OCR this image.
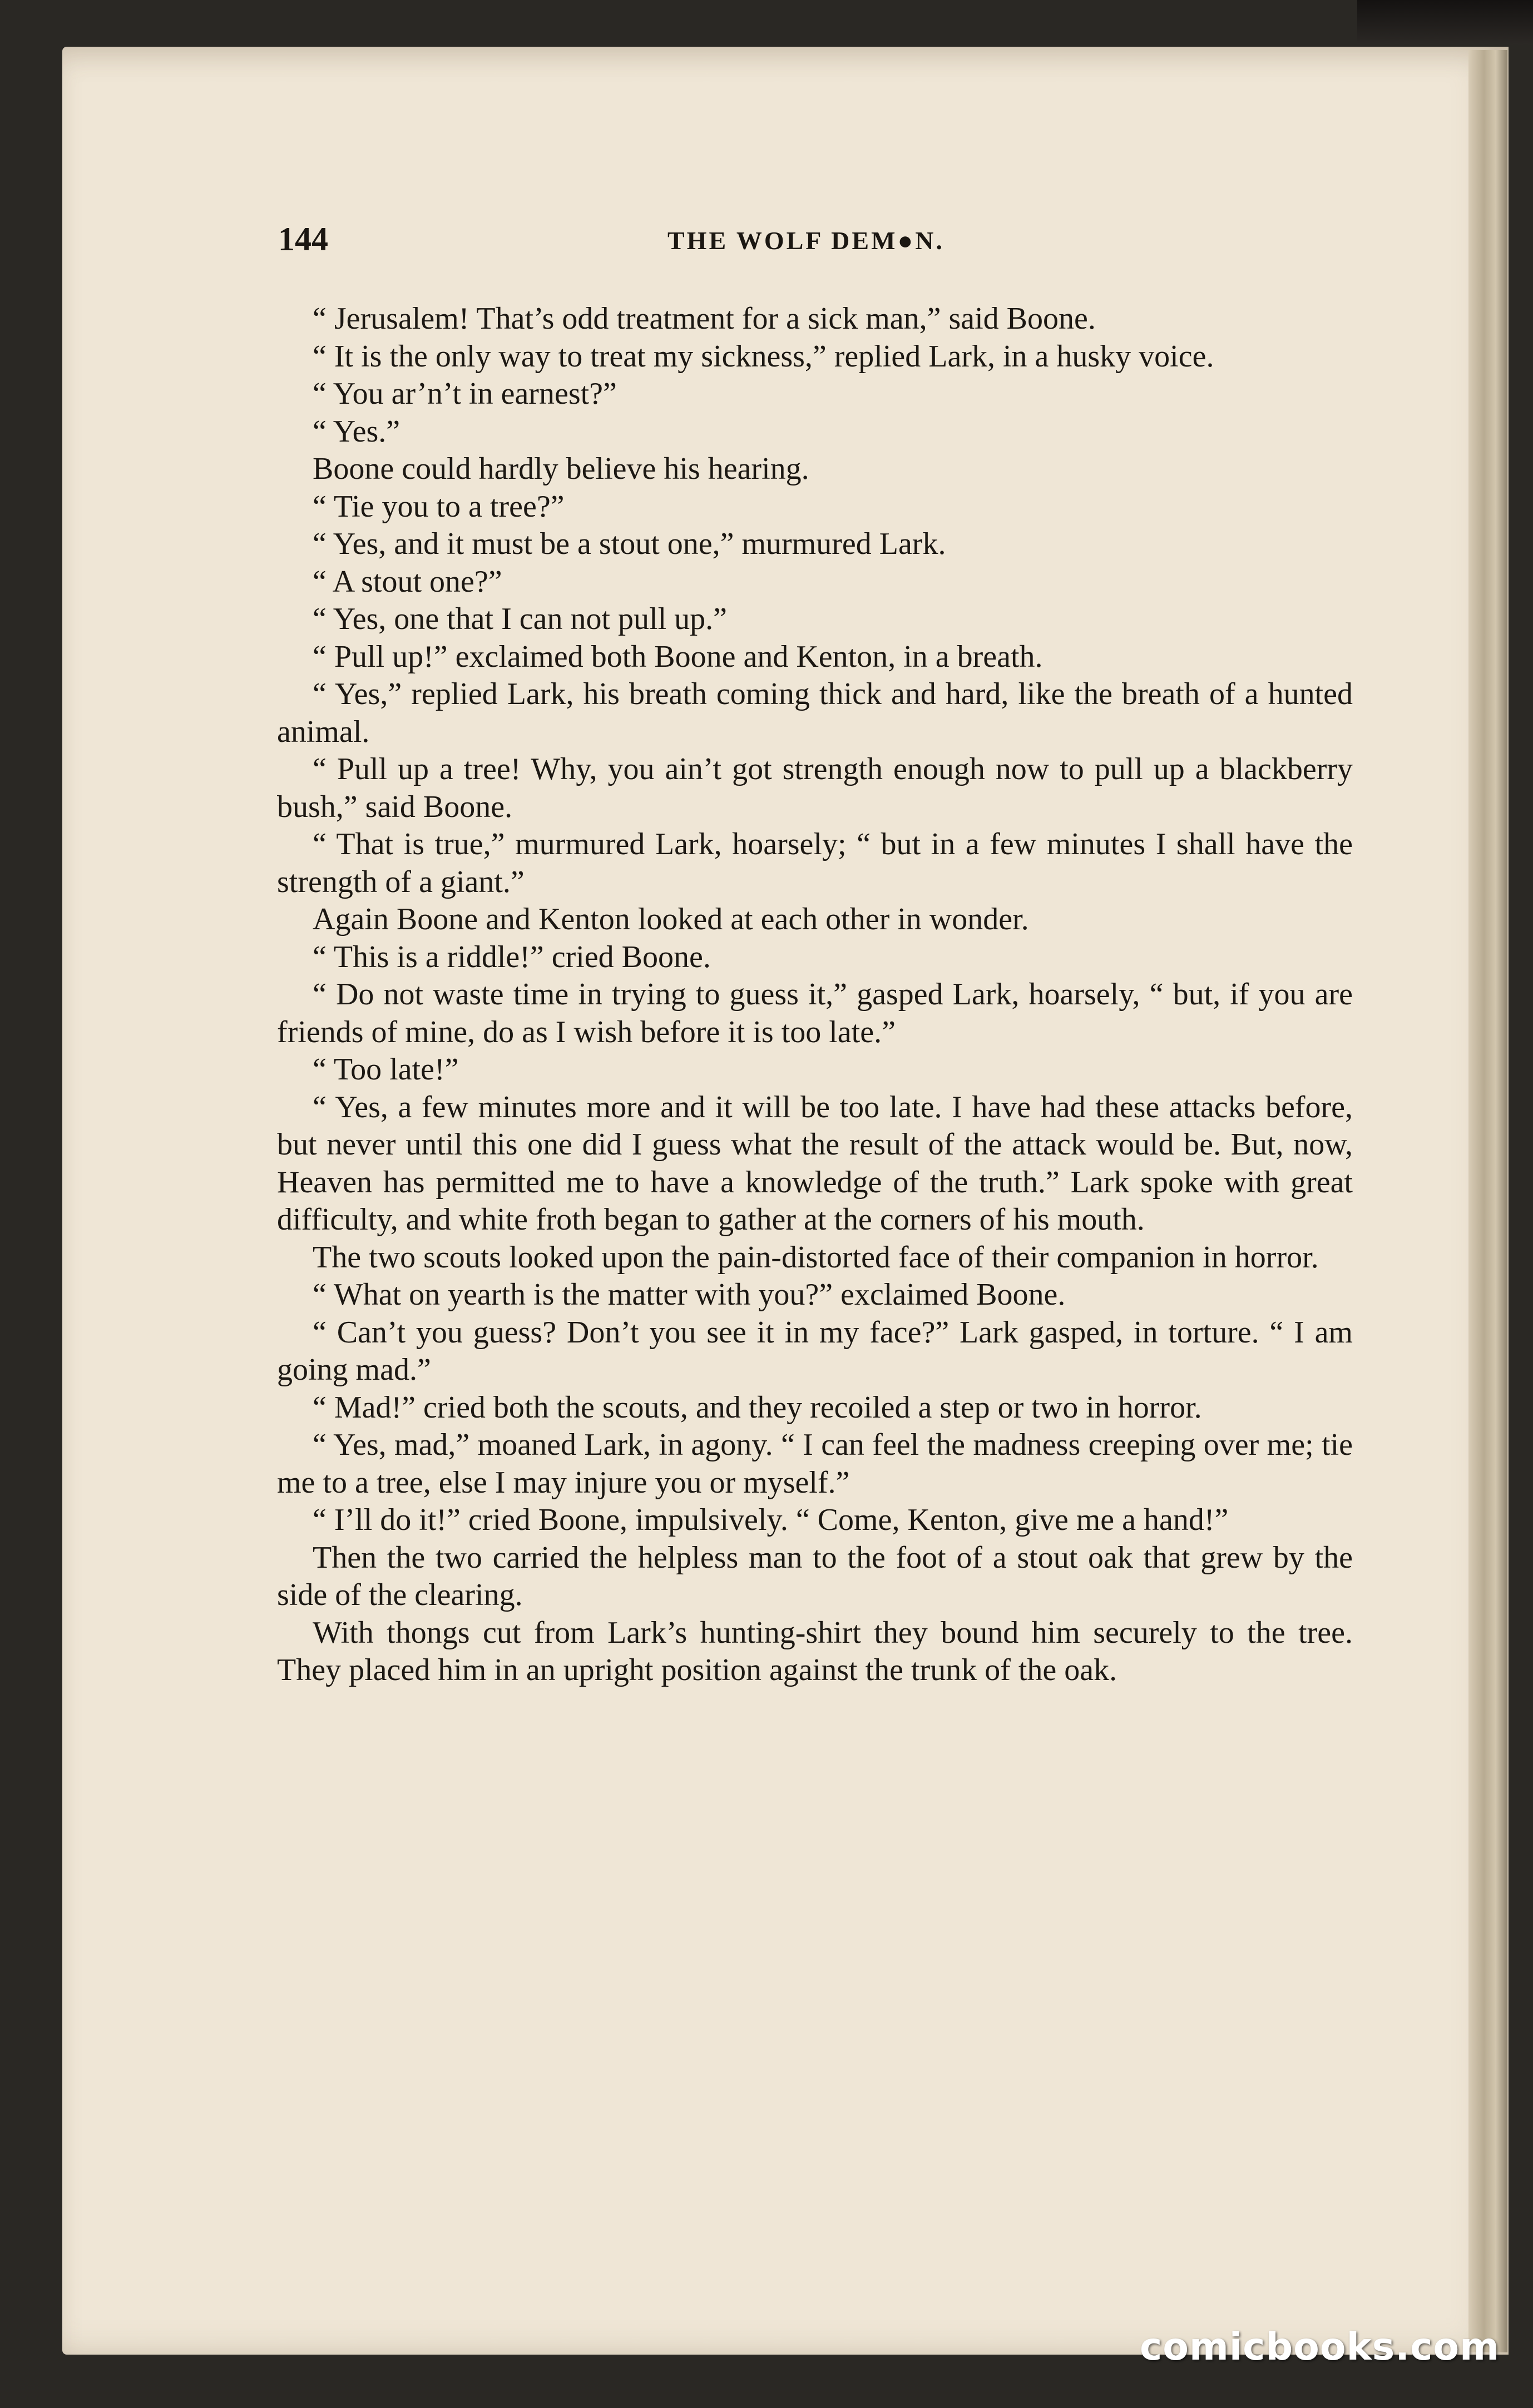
144	THE WOLF DEM●N.

“ Jerusalem! That’s odd treatment for a sick man,” said Boone.

“ It is the only way to treat my sickness,” replied Lark, in a husky voice.

“ You ar’n’t in earnest?”

“ Yes.”

Boone could hardly believe his hearing.

“ Tie you to a tree?”

“ Yes, and it must be a stout one,” murmured Lark.

“ A stout one?”

“ Yes, one that I can not pull up.”

“ Pull up!” exclaimed both Boone and Kenton, in a breath.

“ Yes,” replied Lark, his breath coming thick and hard, like the breath of a hunted animal.

“ Pull up a tree! Why, you ain’t got strength enough now to pull up a blackberry bush,” said Boone.

“ That is true,” murmured Lark, hoarsely; “ but in a few minutes I shall have the strength of a giant.”

Again Boone and Kenton looked at each other in wonder.

“ This is a riddle!” cried Boone.

“ Do not waste time in trying to guess it,” gasped Lark, hoarsely, “ but, if you are friends of mine, do as I wish before it is too late.”

“ Too late!”

“ Yes, a few minutes more and it will be too late. I have had these attacks before, but never until this one did I guess what the result of the attack would be. But, now, Heaven has permitted me to have a knowledge of the truth.” Lark spoke with great difficulty, and white froth began to gather at the corners of his mouth.

The two scouts looked upon the pain-distorted face of their companion in horror.

“ What on yearth is the matter with you?” exclaimed Boone.

“ Can’t you guess? Don’t you see it in my face?” Lark gasped, in torture. “ I am going mad.”

“ Mad!” cried both the scouts, and they recoiled a step or two in horror.

“ Yes, mad,” moaned Lark, in agony. “ I can feel the madness creeping over me; tie me to a tree, else I may injure you or myself.”

“ I’ll do it!” cried Boone, impulsively. “ Come, Kenton, give me a hand!”

Then the two carried the helpless man to the foot of a stout oak that grew by the side of the clearing.

With thongs cut from Lark’s hunting-shirt they bound him securely to the tree. They placed him in an upright position against the trunk of the oak.

comicbooks.com
